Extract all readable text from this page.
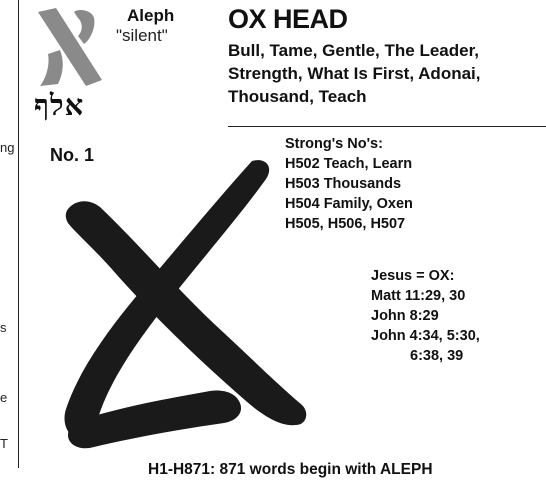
ng
s
e
T
אלף
No. 1
Aleph
"silent"
OX HEAD
Bull, Tame, Gentle, The Leader,
Strength, What Is First, Adonai,
Thousand, Teach
Strong's No's:
H502 Teach, Learn
H503 Thousands
H504 Family, Oxen
H505, H506, H507
Jesus = OX:
Matt 11:29, 30
John 8:29
John 4:34, 5:30,
6:38, 39
H1-H871: 871 words begin with ALEPH
